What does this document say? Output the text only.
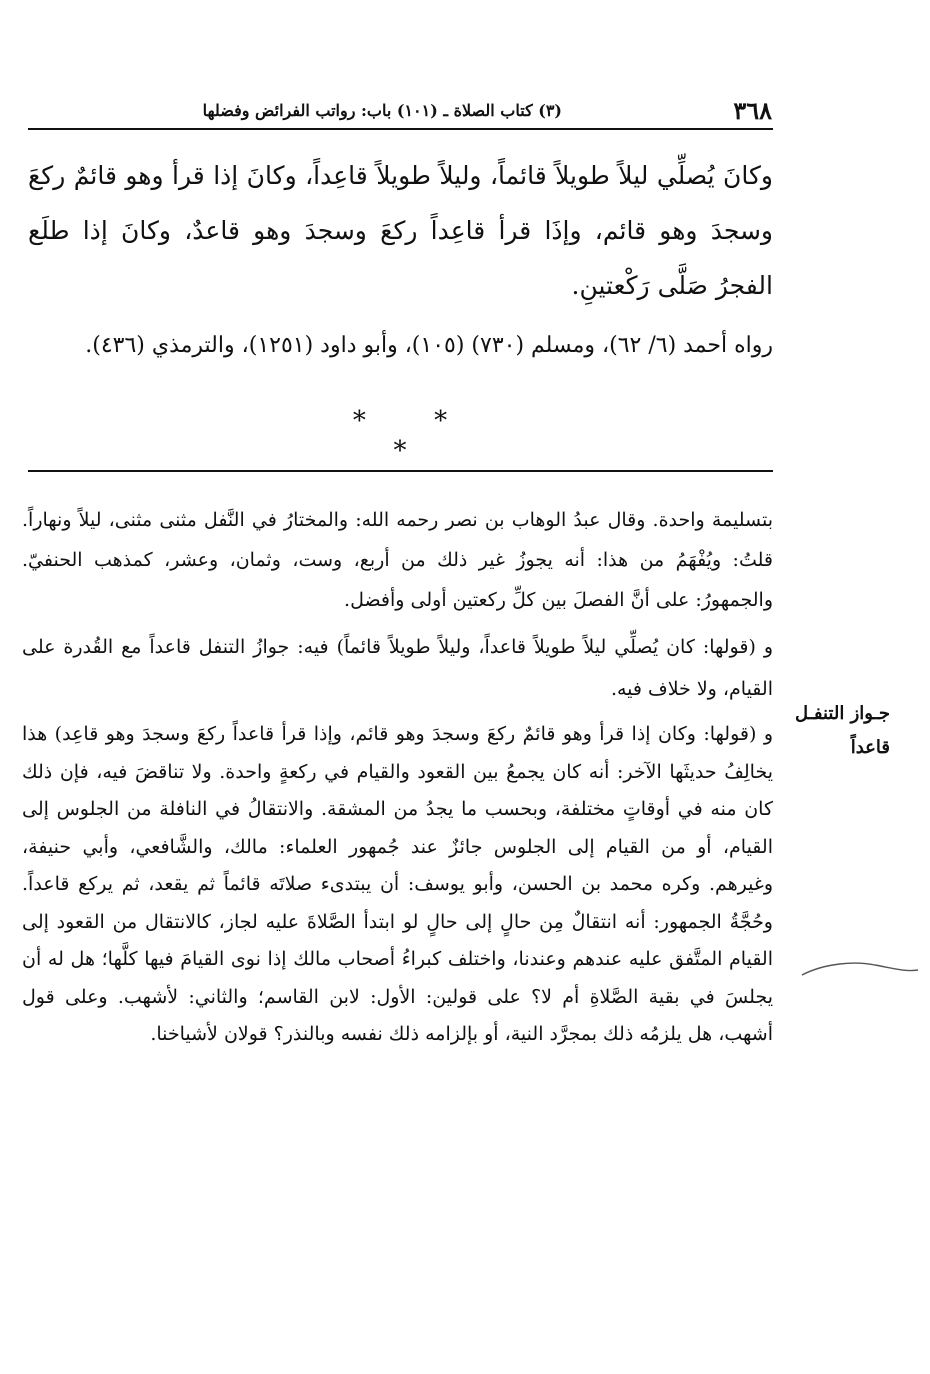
٣٦٨
(٣) كتاب الصلاة ـ (١٠١) باب: رواتب الفرائض وفضلها

وكانَ يُصلِّي ليلاً طويلاً قائماً، وليلاً طويلاً قاعِداً، وكانَ إذا قرأ وهو قائمٌ ركعَ وسجدَ وهو قائم، وإذَا قرأ قاعِداً ركعَ وسجدَ وهو قاعدٌ، وكانَ إذا طلَع الفجرُ صَلَّى رَكْعتينِ.

رواه أحمد (٦/ ٦٢)، ومسلم (٧٣٠) (١٠٥)، وأبو داود (١٢٥١)، والترمذي (٤٣٦).

* * *

بتسليمة واحدة. وقال عبدُ الوهاب بن نصر رحمه الله: والمختارُ في النَّفل مثنى مثنى، ليلاً ونهاراً. قلتُ: ويُفْهَمُ من هذا: أنه يجوزُ غير ذلك من أربع، وست، وثمان، وعشر، كمذهب الحنفيّ. والجمهورُ: على أنَّ الفصلَ بين كلِّ ركعتين أولى وأفضل.

و (قولها: كان يُصلِّي ليلاً طويلاً قاعداً، وليلاً طويلاً قائماً) فيه: جوازُ التنفل قاعداً مع القُدرة على القيام، ولا خلاف فيه.

و (قولها: وكان إذا قرأ وهو قائمٌ ركعَ وسجدَ وهو قائم، وإذا قرأ قاعداً ركعَ وسجدَ وهو قاعِد) هذا يخالِفُ حديثَها الآخر: أنه كان يجمعُ بين القعود والقيام في ركعةٍ واحدة. ولا تناقضَ فيه، فإن ذلك كان منه في أوقاتٍ مختلفة، وبحسب ما يجدُ من المشقة. والانتقالُ في النافلة من الجلوس إلى القيام، أو من القيام إلى الجلوس جائزٌ عند جُمهور العلماء: مالك، والشَّافعي، وأبي حنيفة، وغيرهم. وكره محمد بن الحسن، وأبو يوسف: أن يبتدىء صلاتَه قائماً ثم يقعد، ثم يركع قاعداً. وحُجَّةُ الجمهور: أنه انتقالٌ مِن حالٍ إلى حالٍ لو ابتدأ الصَّلاةَ عليه لجاز، كالانتقال من القعود إلى القيام المتَّفق عليه عندهم وعندنا، واختلف كبراءُ أصحاب مالك إذا نوى القيامَ فيها كلَّها؛ هل له أن يجلسَ في بقية الصَّلاةِ أم لا؟ على قولين: الأول: لابن القاسم؛ والثاني: لأشهب. وعلى قول أشهب، هل يلزمُه ذلك بمجرَّد النية، أو بإلزامه ذلك نفسه وبالنذر؟ قولان لأشياخنا.

جـواز التنفـل قاعداً
